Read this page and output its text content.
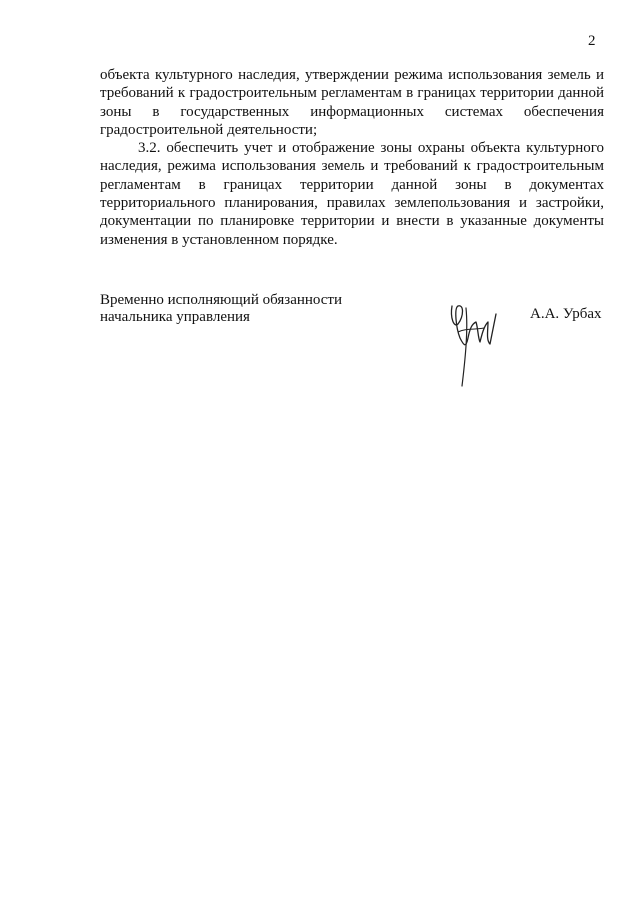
2

объекта культурного наследия, утверждении режима использования земель и требований к градостроительным регламентам в границах территории данной зоны в государственных информационных системах обеспечения градостроительной деятельности;

3.2. обеспечить учет и отображение зоны охраны объекта культурного наследия, режима использования земель и требований к градостроительным регламентам в границах территории данной зоны в документах территориального планирования, правилах землепользования и застройки, документации по планировке территории и внести в указанные документы изменения в установленном порядке.

Временно исполняющий обязанности
начальника управления	А.А. Урбах
